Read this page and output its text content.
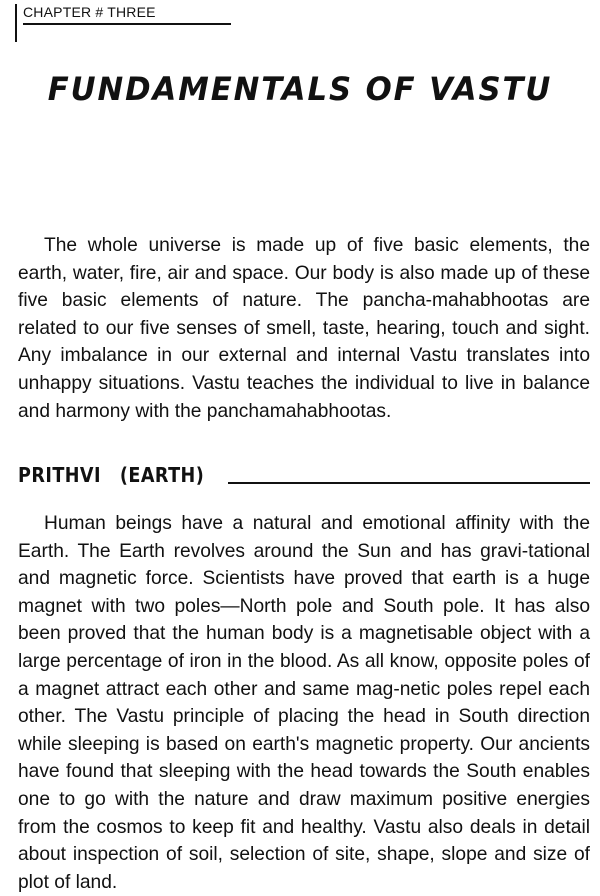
CHAPTER # THREE
FUNDAMENTALS OF VASTU

The whole universe is made up of five basic elements, the earth, water, fire, air and space. Our body is also made up of these five basic elements of nature. The pancha-mahabhootas are related to our five senses of smell, taste, hearing, touch and sight. Any imbalance in our external and internal Vastu translates into unhappy situations. Vastu teaches the individual to live in balance and harmony with the panchamahabhootas.

PRITHVI (EARTH)

Human beings have a natural and emotional affinity with the Earth. The Earth revolves around the Sun and has gravi-tational and magnetic force. Scientists have proved that earth is a huge magnet with two poles—North pole and South pole. It has also been proved that the human body is a magnetisable object with a large percentage of iron in the blood. As all know, opposite poles of a magnet attract each other and same mag-netic poles repel each other. The Vastu principle of placing the head in South direction while sleeping is based on earth's magnetic property. Our ancients have found that sleeping with the head towards the South enables one to go with the nature and draw maximum positive energies from the cosmos to keep fit and healthy. Vastu also deals in detail about inspection of soil, selection of site, shape, slope and size of plot of land.
